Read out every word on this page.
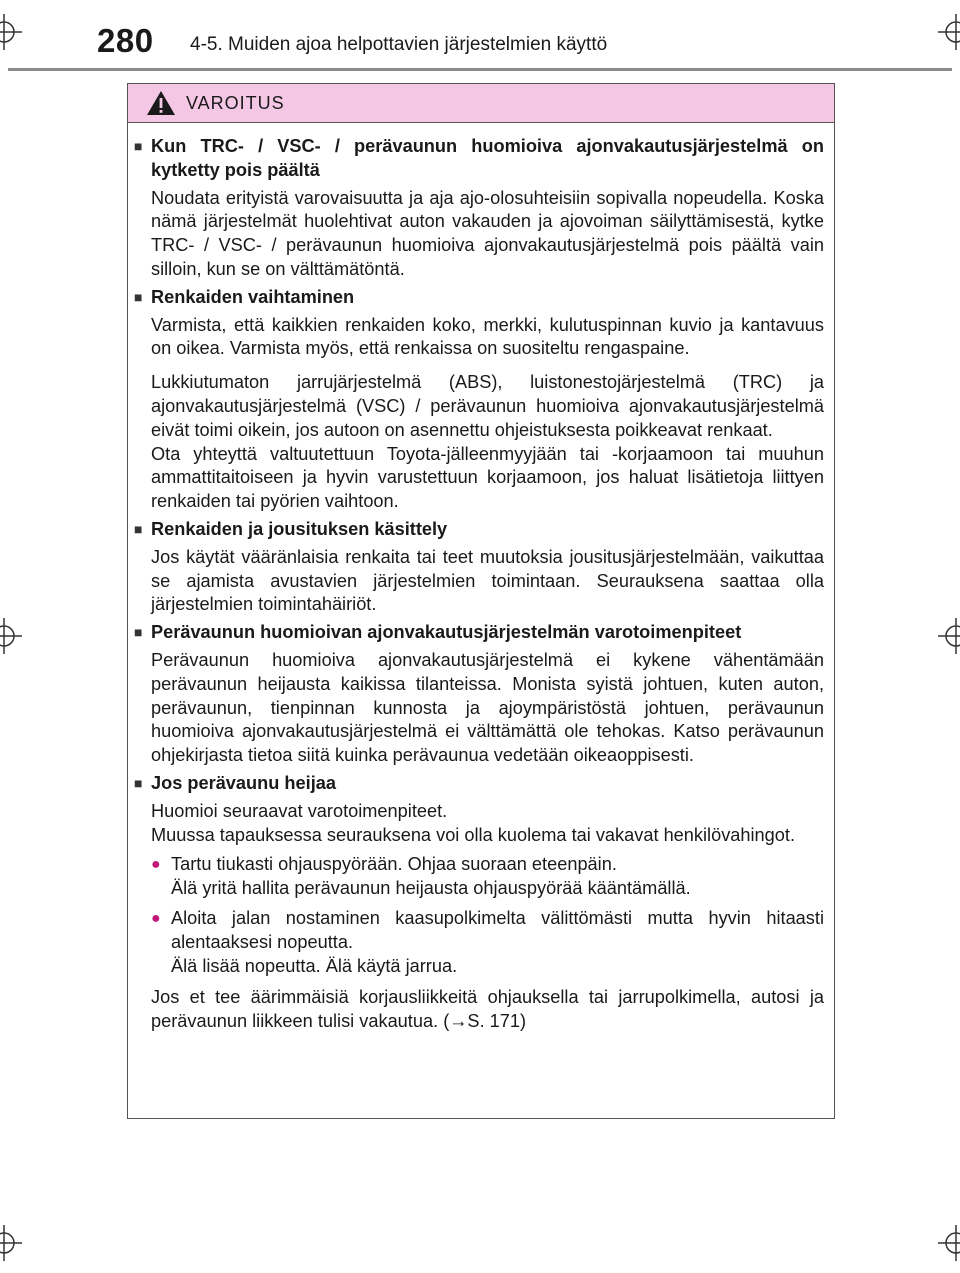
280 4-5. Muiden ajoa helpottavien järjestelmien käyttö
VAROITUS
■ Kun TRC- / VSC- / perävaunun huomioiva ajonvakautusjärjestelmä on kytketty pois päältä
Noudata erityistä varovaisuutta ja aja ajo-olosuhteisiin sopivalla nopeudella. Koska nämä järjestelmät huolehtivat auton vakauden ja ajovoiman säilyttämisestä, kytke TRC- / VSC- / perävaunun huomioiva ajonvakautusjärjestelmä pois päältä vain silloin, kun se on välttämätöntä.
■ Renkaiden vaihtaminen
Varmista, että kaikkien renkaiden koko, merkki, kulutuspinnan kuvio ja kantavuus on oikea. Varmista myös, että renkaissa on suositeltu rengaspaine.
Lukkiutumaton jarrujärjestelmä (ABS), luistonestojärjestelmä (TRC) ja ajonvakautusjärjestelmä (VSC) / perävaunun huomioiva ajonvakautusjärjestelmä eivät toimi oikein, jos autoon on asennettu ohjeistuksesta poikkeavat renkaat.
Ota yhteyttä valtuutettuun Toyota-jälleenmyyjään tai -korjaamoon tai muuhun ammattitaitoiseen ja hyvin varustettuun korjaamoon, jos haluat lisätietoja liittyen renkaiden tai pyörien vaihtoon.
■ Renkaiden ja jousituksen käsittely
Jos käytät vääränlaisia renkaita tai teet muutoksia jousitusjärjestelmään, vaikuttaa se ajamista avustavien järjestelmien toimintaan. Seurauksena saattaa olla järjestelmien toimintahäiriöt.
■ Perävaunun huomioivan ajonvakautusjärjestelmän varotoimenpiteet
Perävaunun huomioiva ajonvakautusjärjestelmä ei kykene vähentämään perävaunun heijausta kaikissa tilanteissa. Monista syistä johtuen, kuten auton, perävaunun, tienpinnan kunnosta ja ajoympäristöstä johtuen, perävaunun huomioiva ajonvakautusjärjestelmä ei välttämättä ole tehokas. Katso perävaunun ohjekirjasta tietoa siitä kuinka perävaunua vedetään oikeaoppisesti.
■ Jos perävaunu heijaa
Huomioi seuraavat varotoimenpiteet.
Muussa tapauksessa seurauksena voi olla kuolema tai vakavat henkilövahingot.
● Tartu tiukasti ohjauspyörään. Ohjaa suoraan eteenpäin.
Älä yritä hallita perävaunun heijausta ohjauspyörää kääntämällä.
● Aloita jalan nostaminen kaasupolkimelta välittömästi mutta hyvin hitaasti alentaaksesi nopeutta.
Älä lisää nopeutta. Älä käytä jarrua.
Jos et tee äärimmäisiä korjausliikkeitä ohjauksella tai jarrupolkimella, autosi ja perävaunun liikkeen tulisi vakautua. (→S. 171)
